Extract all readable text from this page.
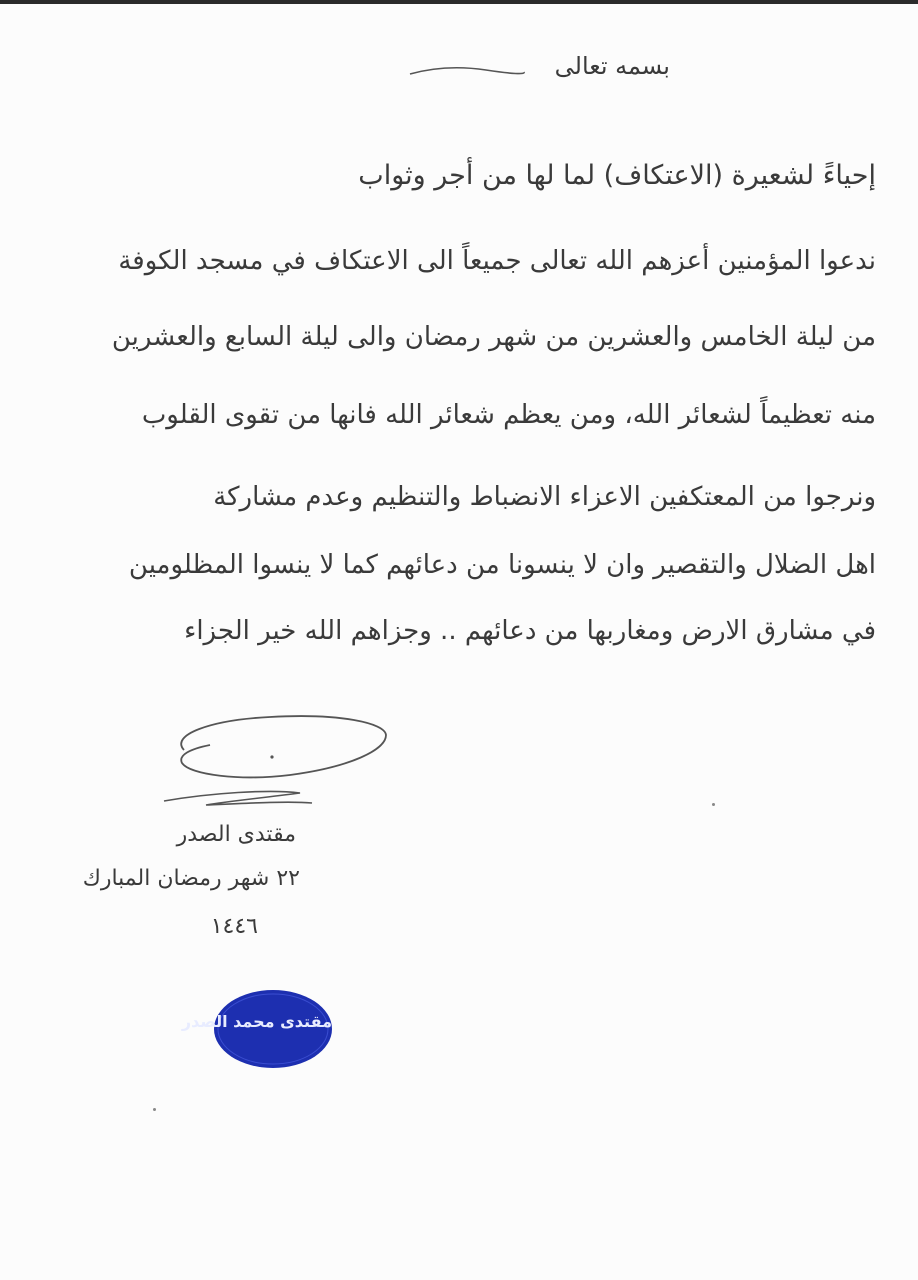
بسمه تعالى
إحياءً لشعيرة (الاعتكاف) لما لها من أجر وثواب
ندعوا المؤمنين أعزهم الله تعالى جميعاً الى الاعتكاف في مسجد الكوفة
من ليلة الخامس والعشرين من شهر رمضان والى ليلة السابع والعشرين
منه تعظيماً لشعائر الله، ومن يعظم شعائر الله فانها من تقوى القلوب
ونرجوا من المعتكفين الاعزاء الانضباط والتنظيم وعدم مشاركة
اهل الضلال والتقصير وان لا ينسونا من دعائهم كما لا ينسوا المظلومين
في مشارق الارض ومغاربها من دعائهم .. وجزاهم الله خير الجزاء
مقتدى الصدر
٢٢ شهر رمضان المبارك
١٤٤٦
مقتدى محمد الصدر
